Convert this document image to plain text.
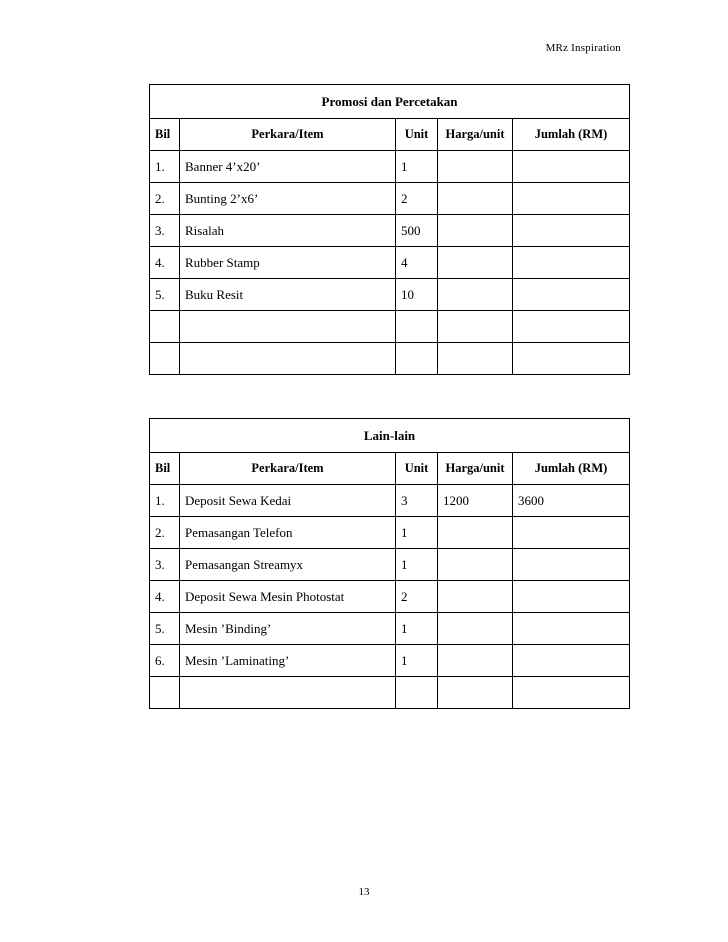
MRz Inspiration
Promosi dan Percetakan				
Bil	Perkara/Item	Unit	Harga/unit	Jumlah (RM)
1.	Banner 4’x20’	1		
2.	Bunting 2’x6’	2		
3.	Risalah	500		
4.	Rubber Stamp	4		
5.	Buku Resit	10		

Lain-lain				
Bil	Perkara/Item	Unit	Harga/unit	Jumlah (RM)
1.	Deposit Sewa Kedai	3	1200	3600
2.	Pemasangan Telefon	1		
3.	Pemasangan Streamyx	1		
4.	Deposit Sewa Mesin Photostat	2		
5.	Mesin ’Binding’	1		
6.	Mesin ’Laminating’	1		

13
